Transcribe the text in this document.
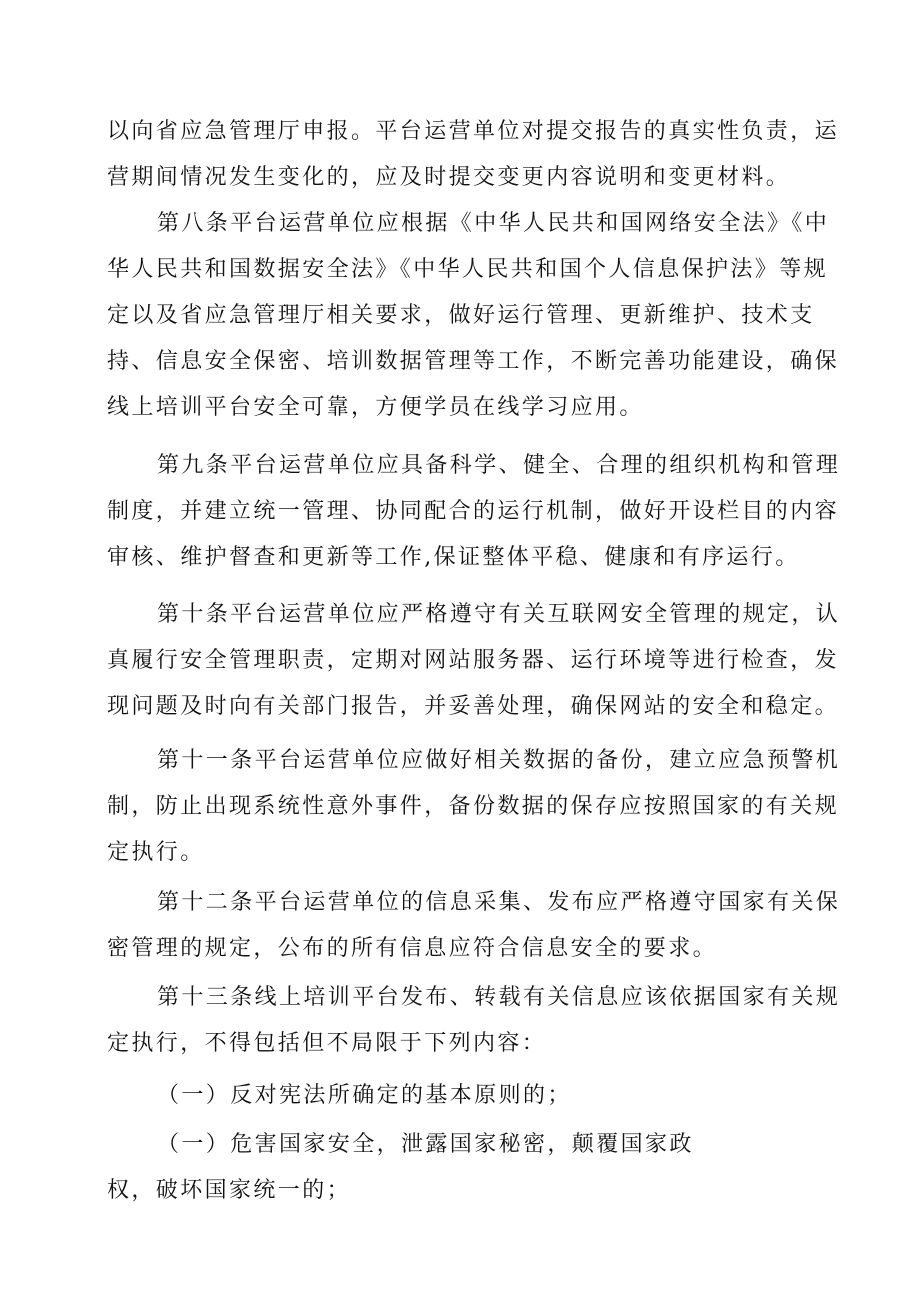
以向省应急管理厅申报。平台运营单位对提交报告的真实性负责，运
营期间情况发生变化的，应及时提交变更内容说明和变更材料。
第八条平台运营单位应根据《中华人民共和国网络安全法》《中
华人民共和国数据安全法》《中华人民共和国个人信息保护法》等规
定以及省应急管理厅相关要求，做好运行管理、更新维护、技术支
持、信息安全保密、培训数据管理等工作，不断完善功能建设，确保
线上培训平台安全可靠，方便学员在线学习应用。
第九条平台运营单位应具备科学、健全、合理的组织机构和管理
制度，并建立统一管理、协同配合的运行机制，做好开设栏目的内容
审核、维护督查和更新等工作,保证整体平稳、健康和有序运行。
第十条平台运营单位应严格遵守有关互联网安全管理的规定，认
真履行安全管理职责，定期对网站服务器、运行环境等进行检查，发
现问题及时向有关部门报告，并妥善处理，确保网站的安全和稳定。
第十一条平台运营单位应做好相关数据的备份，建立应急预警机
制，防止出现系统性意外事件，备份数据的保存应按照国家的有关规
定执行。
第十二条平台运营单位的信息采集、发布应严格遵守国家有关保
密管理的规定，公布的所有信息应符合信息安全的要求。
第十三条线上培训平台发布、转载有关信息应该依据国家有关规
定执行，不得包括但不局限于下列内容：
（一）反对宪法所确定的基本原则的；
（一）危害国家安全，泄露国家秘密，颠覆国家政
权，破坏国家统一的；
